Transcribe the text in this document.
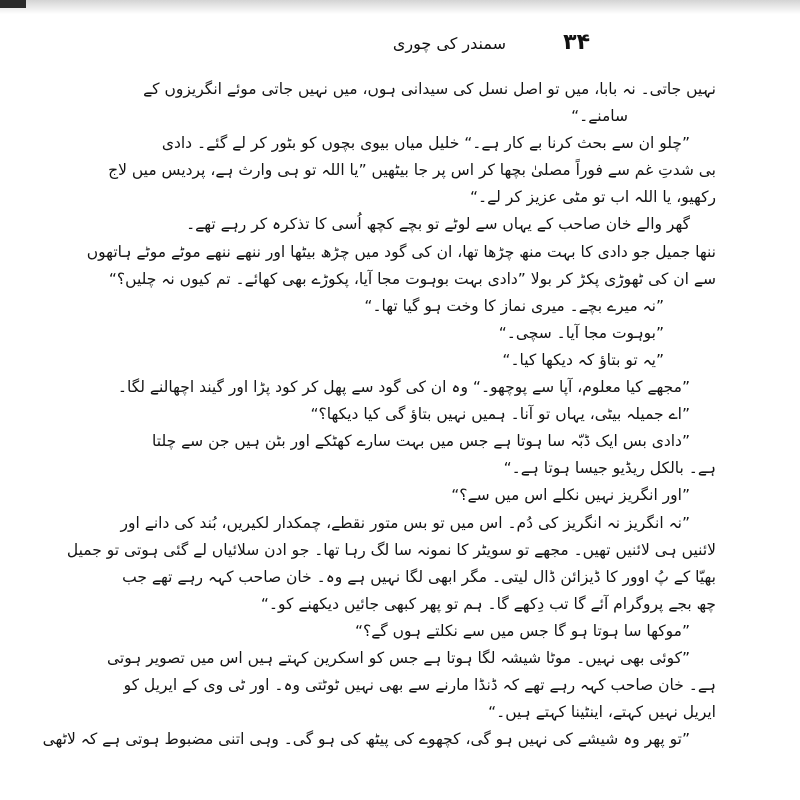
۳۴
سمندر کی چوری
نہیں جاتی۔ نہ بابا، میں تو اصل نسل کی سیدانی ہوں، میں نہیں جاتی موئے انگریزوں کے
سامنے۔“
”چلو ان سے بحث کرنا بے کار ہے۔“ خلیل میاں بیوی بچوں کو بٹور کر لے گئے۔ دادی
بی شدتِ غم سے فوراً مصلیٰ بچھا کر اس پر جا بیٹھیں ”یا اللہ تو ہی وارث ہے، پردیس میں لاج
رکھیو، یا اللہ اب تو مٹی عزیز کر لے۔“
گھر والے خان صاحب کے یہاں سے لوٹے تو بچے کچھ اُسی کا تذکرہ کر رہے تھے۔
ننھا جمیل جو دادی کا بہت منھ چڑھا تھا، ان کی گود میں چڑھ بیٹھا اور ننھے ننھے موٹے موٹے ہاتھوں
سے ان کی ٹھوڑی پکڑ کر بولا ”دادی بہت بوہوت مجا آیا، پکوڑے بھی کھائے۔ تم کیوں نہ چلیں؟“
”نہ میرے بچے۔ میری نماز کا وخت ہو گیا تھا۔“
”بوہوت مجا آیا۔ سچی۔“
”یہ تو بتاؤ کہ دیکھا کیا۔“
”مجھے کیا معلوم، آپا سے پوچھو۔“ وہ ان کی گود سے پھل کر کود پڑا اور گیند اچھالنے لگا۔
”اے جمیلہ بیٹی، یہاں تو آنا۔ ہمیں نہیں بتاؤ گی کیا دیکھا؟“
”دادی بس ایک ڈبّہ سا ہوتا ہے جس میں بہت سارے کھٹکے اور بٹن ہیں جن سے چلتا
ہے۔ بالکل ریڈیو جیسا ہوتا ہے۔“
”اور انگریز نہیں نکلے اس میں سے؟“
”نہ انگریز نہ انگریز کی دُم۔ اس میں تو بس متور نقطے، چمکدار لکیریں، بُند کی دانے اور
لائنیں ہی لائنیں تھیں۔ مجھے تو سویٹر کا نمونہ سا لگ رہا تھا۔ جو ادن سلائیاں لے گئی ہوتی تو جمیل
بھیّا کے پُ اوور کا ڈیزائن ڈال لیتی۔ مگر ابھی لگا نہیں ہے وہ۔ خان صاحب کہہ رہے تھے جب
چھ بجے پروگرام آئے گا تب دِکھے گا۔ ہم تو پھر کبھی جائیں دیکھنے کو۔“
”موکھا سا ہوتا ہو گا جس میں سے نکلتے ہوں گے؟“
”کوئی بھی نہیں۔ موٹا شیشہ لگا ہوتا ہے جس کو اسکرین کہتے ہیں اس میں تصویر ہوتی
ہے۔ خان صاحب کہہ رہے تھے کہ ڈنڈا مارنے سے بھی نہیں ٹوٹتی وہ۔ اور ٹی وی کے ایریل کو
ایریل نہیں کہتے، اینٹینا کہتے ہیں۔“
”تو پھر وہ شیشے کی نہیں ہو گی، کچھوے کی پیٹھ کی ہو گی۔ وہی اتنی مضبوط ہوتی ہے کہ لاٹھی
